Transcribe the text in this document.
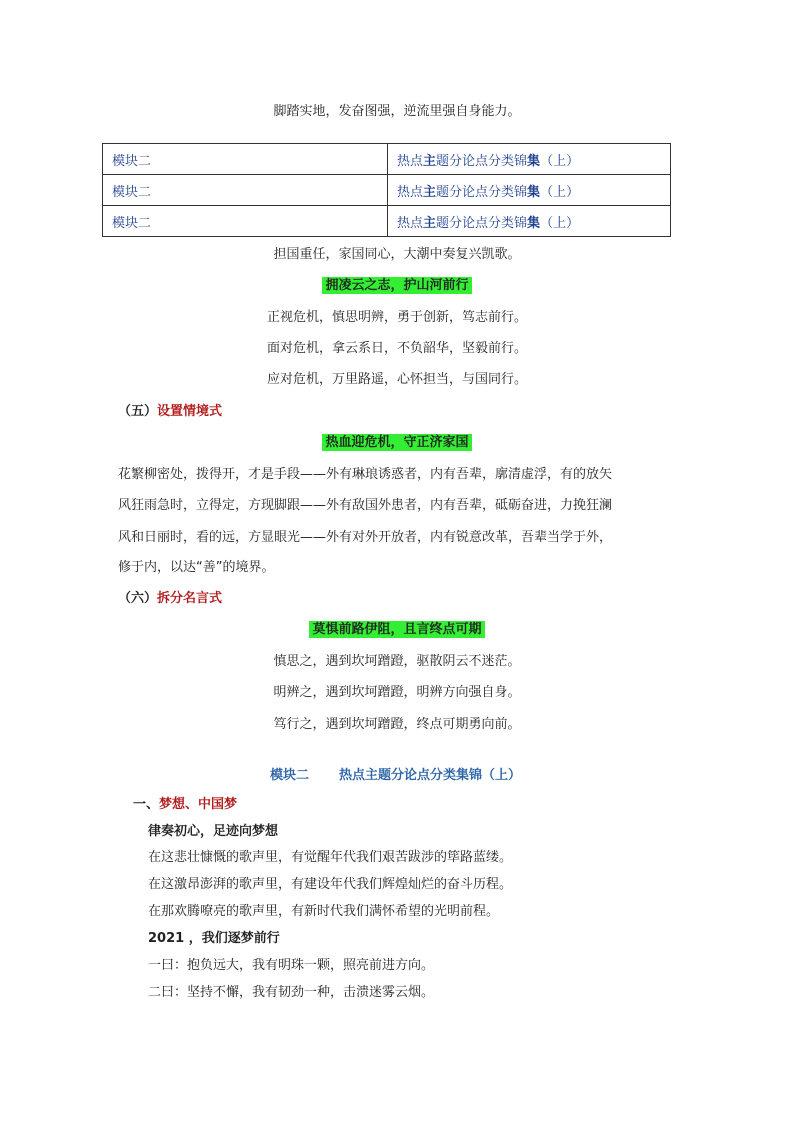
脚踏实地，发奋图强，逆流里强自身能力。
模块二	热点主题分论点分类锦集（上）
模块二	热点主题分论点分类锦集（上）
模块二	热点主题分论点分类锦集（上）
担国重任，家国同心，大潮中奏复兴凯歌。
拥凌云之志，护山河前行
正视危机，慎思明辨，勇于创新，笃志前行。
面对危机，拿云系日，不负韶华，坚毅前行。
应对危机，万里路遥，心怀担当，与国同行。
（五）设置情境式
热血迎危机，守正济家国
花繁柳密处，拨得开，才是手段——外有琳琅诱惑者，内有吾辈，廓清虚浮，有的放矢
风狂雨急时，立得定，方现脚跟——外有敌国外患者，内有吾辈，砥砺奋进，力挽狂澜
风和日丽时，看的远，方显眼光——外有对外开放者，内有锐意改革，吾辈当学于外，
修于内，以达“善”的境界。
（六）拆分名言式
莫惧前路伊阻，且言终点可期
慎思之，遇到坎坷蹭蹬，驱散阴云不迷茫。
明辨之，遇到坎坷蹭蹬，明辨方向强自身。
笃行之，遇到坎坷蹭蹬，终点可期勇向前。
模块二 热点主题分论点分类集锦（上）
一、梦想、中国梦
律奏初心，足迹向梦想
在这悲壮慷慨的歌声里，有觉醒年代我们艰苦跋涉的筚路蓝缕。
在这激昂澎湃的歌声里，有建设年代我们辉煌灿烂的奋斗历程。
在那欢腾嘹亮的歌声里，有新时代我们满怀希望的光明前程。
2021 ，我们逐梦前行
一曰：抱负远大，我有明珠一颗，照亮前进方向。
二曰：坚持不懈，我有韧劲一种，击溃迷雾云烟。
